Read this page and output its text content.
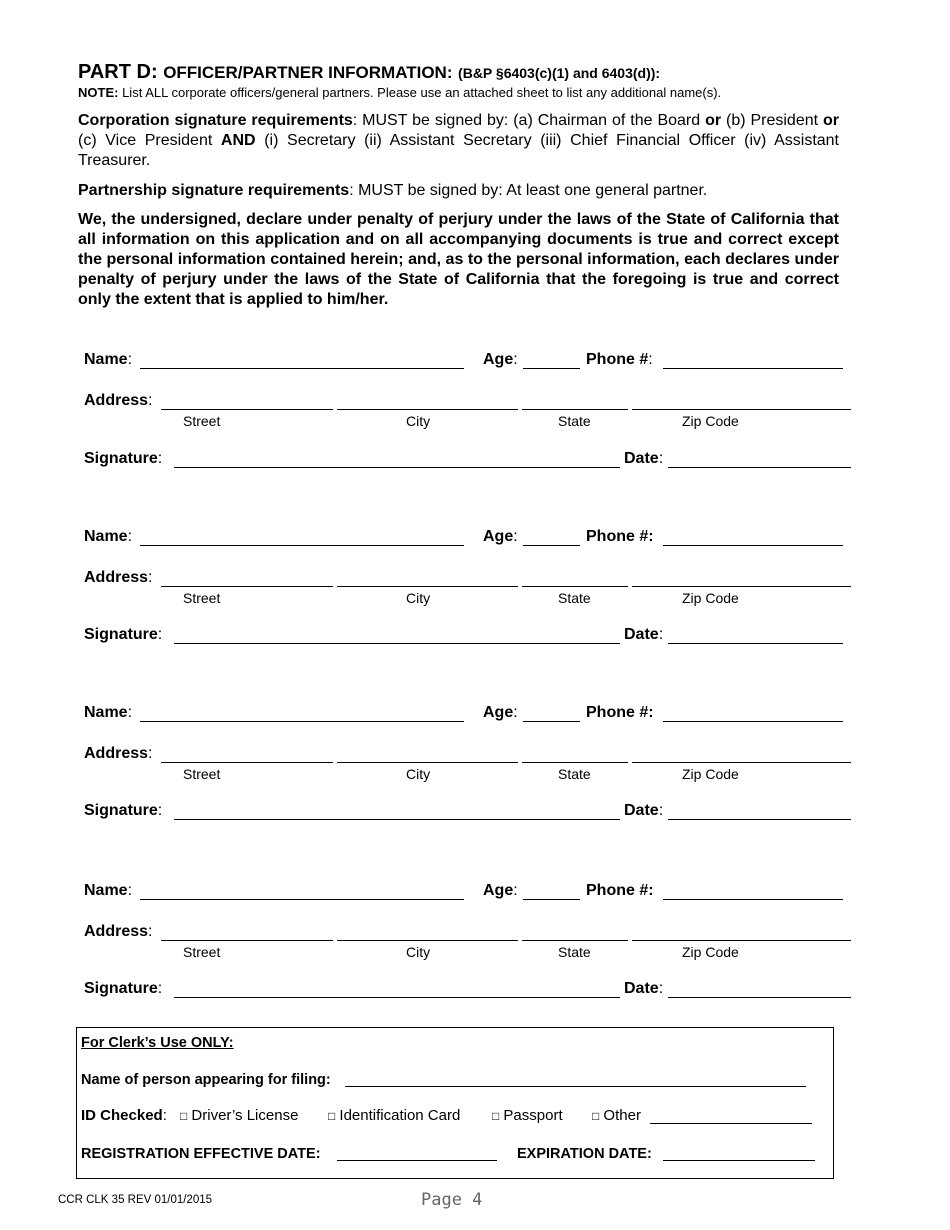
PART D: OFFICER/PARTNER INFORMATION: (B&P §6403(c)(1) and 6403(d)):
NOTE: List ALL corporate officers/general partners. Please use an attached sheet to list any additional name(s).
Corporation signature requirements: MUST be signed by: (a) Chairman of the Board or (b) President or (c) Vice President AND (i) Secretary (ii) Assistant Secretary (iii) Chief Financial Officer (iv) Assistant Treasurer.
Partnership signature requirements: MUST be signed by: At least one general partner.
We, the undersigned, declare under penalty of perjury under the laws of the State of California that all information on this application and on all accompanying documents is true and correct except the personal information contained herein; and, as to the personal information, each declares under penalty of perjury under the laws of the State of California that the foregoing is true and correct only the extent that is applied to him/her.
Name:	Age:	Phone #:
Address:
Street	City	State	Zip Code
Signature:	Date:
Name:	Age:	Phone #:
Address:
Street	City	State	Zip Code
Signature:	Date:
Name:	Age:	Phone #:
Address:
Street	City	State	Zip Code
Signature:	Date:
Name:	Age:	Phone #:
Address:
Street	City	State	Zip Code
Signature:	Date:
For Clerk’s Use ONLY:
Name of person appearing for filing:
ID Checked: □ Driver’s License □ Identification Card	□ Passport □ Other
REGISTRATION EFFECTIVE DATE:	EXPIRATION DATE:
CCR CLK 35 REV 01/01/2015	Page 4
